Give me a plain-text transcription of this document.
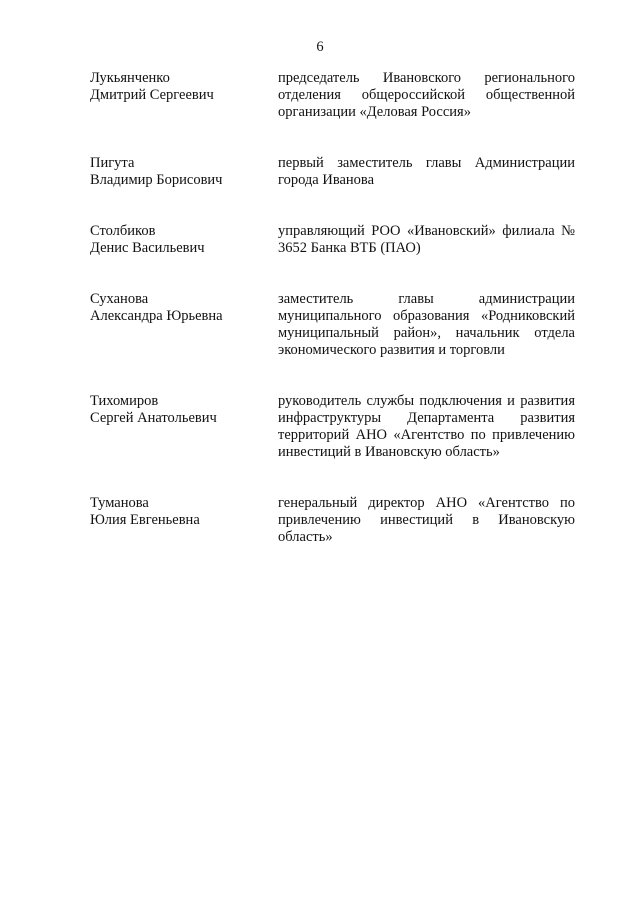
6
Лукьянченко
Дмитрий Сергеевич
председатель Ивановского регионального отделения общероссийской общественной организации «Деловая Россия»
Пигута
Владимир Борисович
первый заместитель главы Администрации города Иванова
Столбиков
Денис Васильевич
управляющий РОО «Ивановский» филиала № 3652 Банка ВТБ (ПАО)
Суханова
Александра Юрьевна
заместитель главы администрации муниципального образования «Родниковский муниципальный район», начальник отдела экономического развития и торговли
Тихомиров
Сергей Анатольевич
руководитель службы подключения и развития инфраструктуры Департамента развития территорий АНО «Агентство по привлечению инвестиций в Ивановскую область»
Туманова
Юлия Евгеньевна
генеральный директор АНО «Агентство по привлечению инвестиций в Ивановскую область»
